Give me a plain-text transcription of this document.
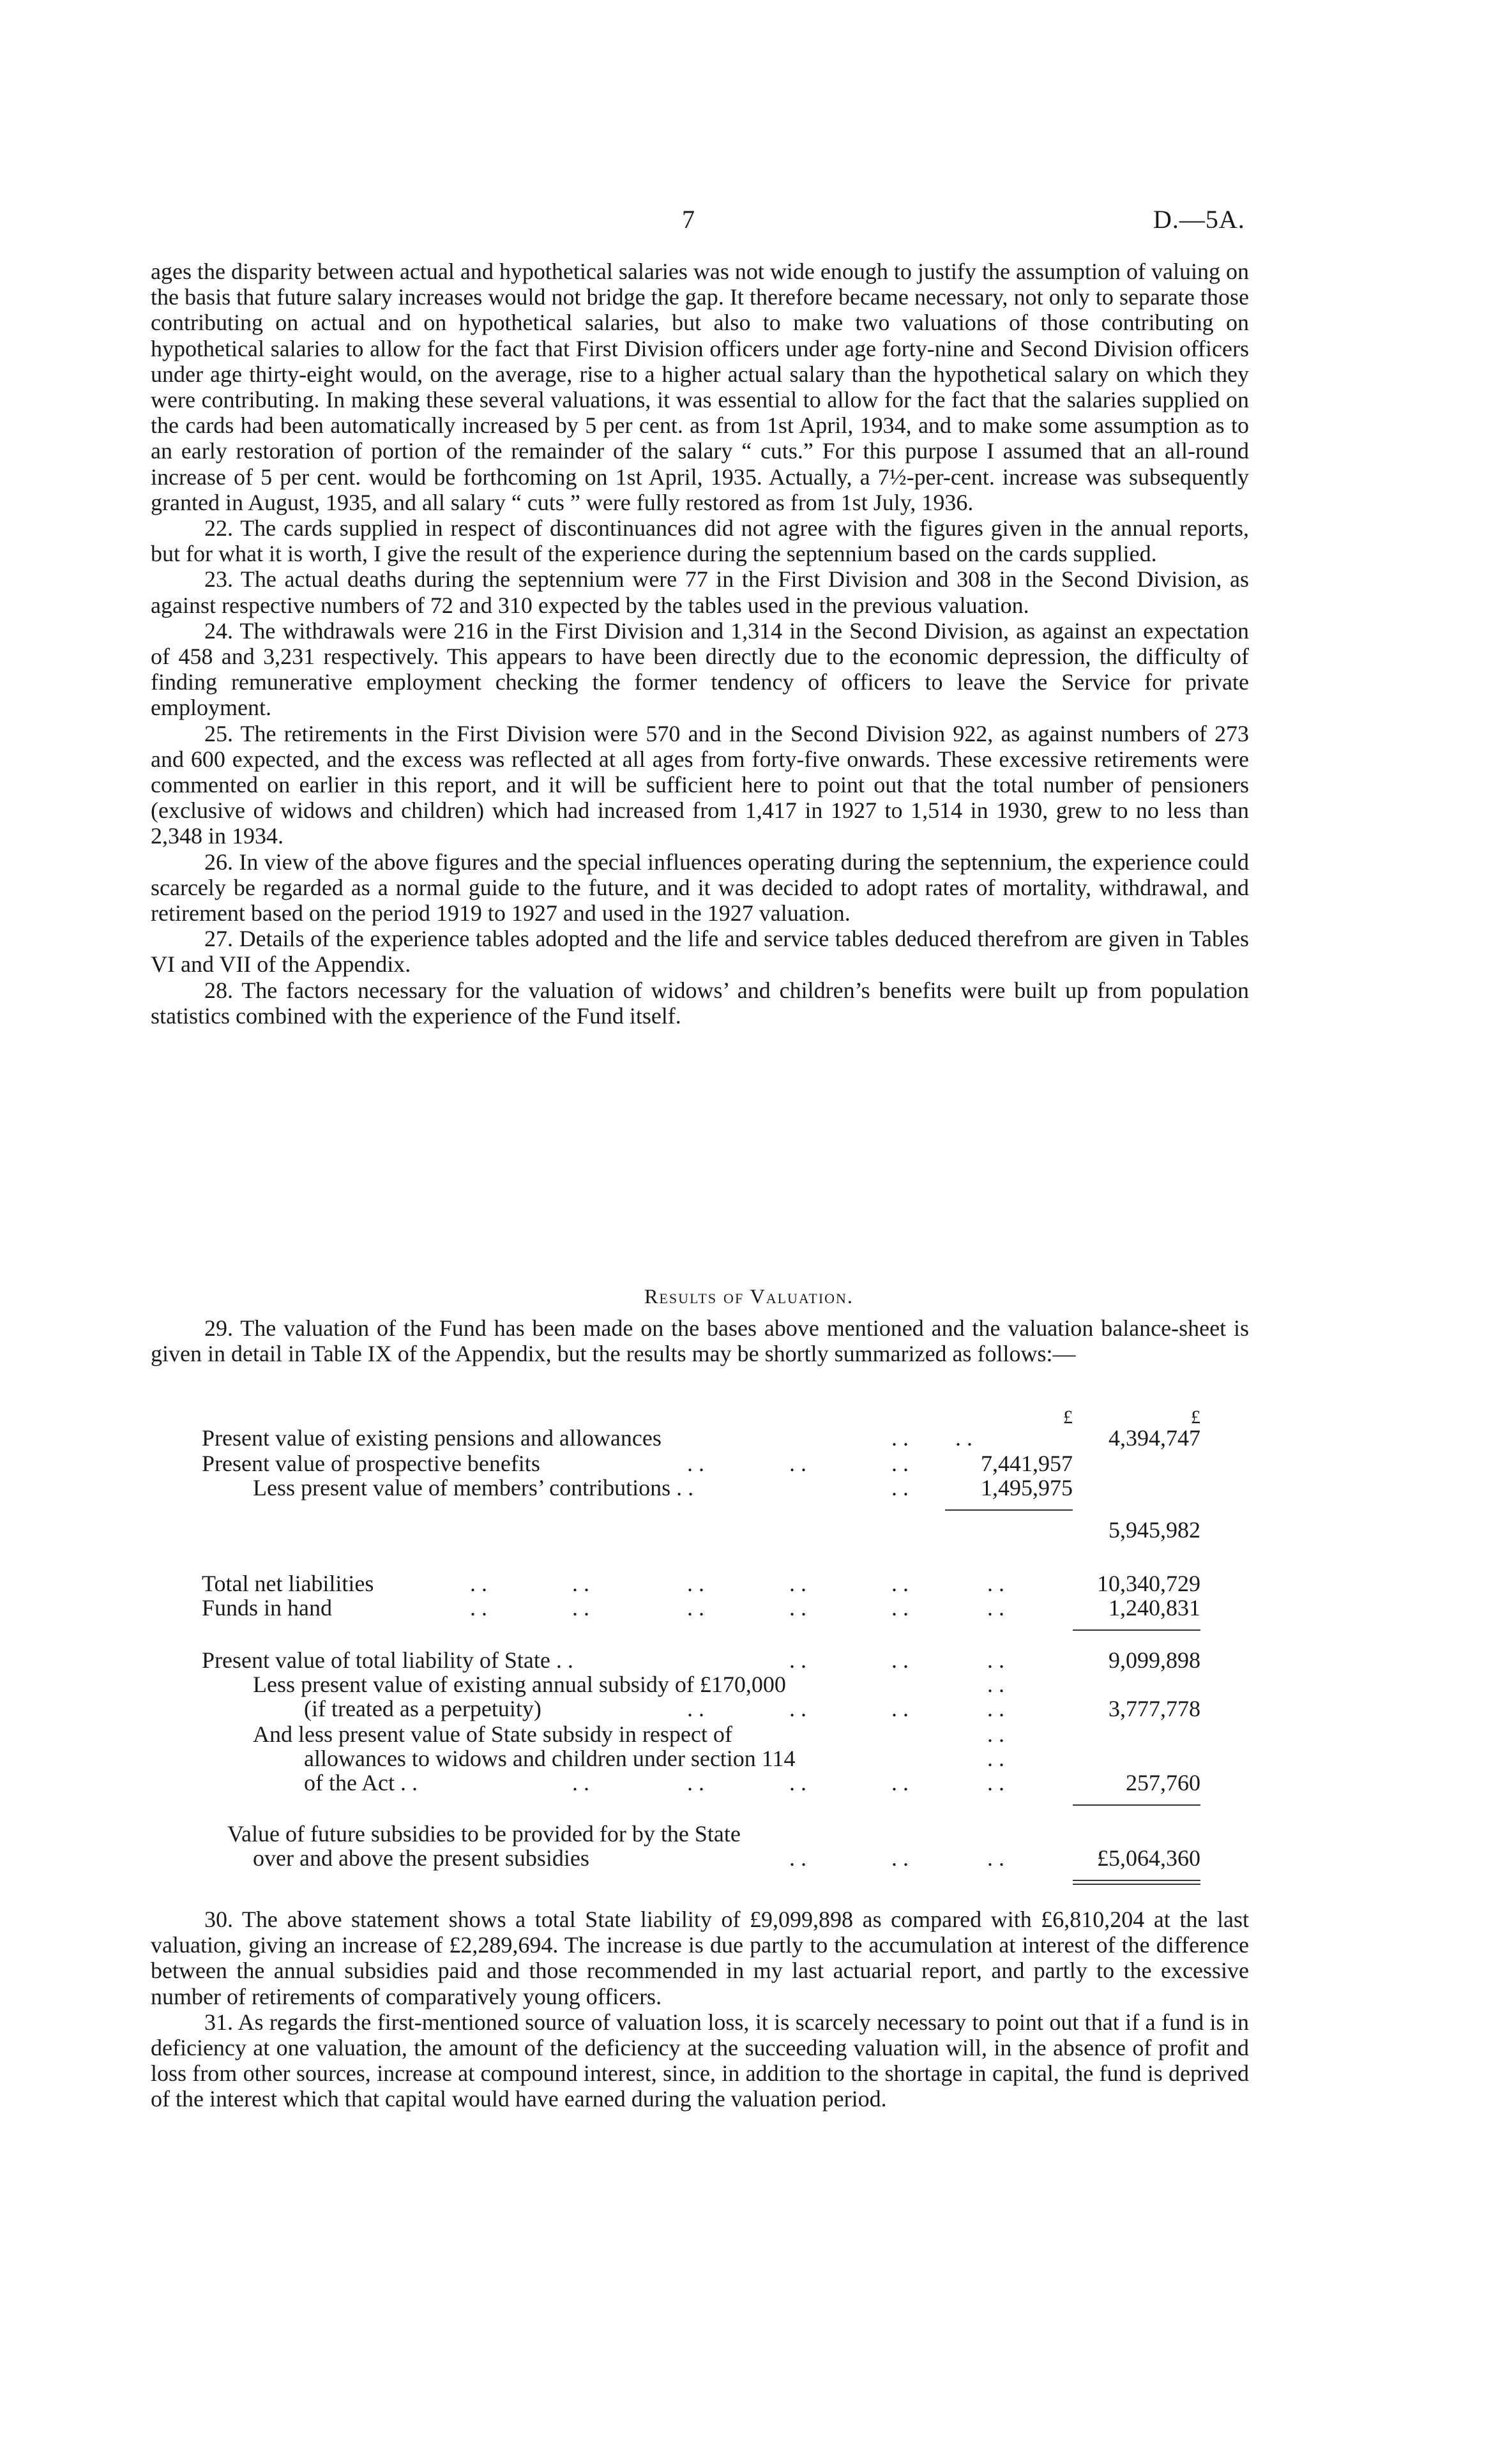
7	D.—5A.

ages the disparity between actual and hypothetical salaries was not wide enough to justify the assumption of valuing on the basis that future salary increases would not bridge the gap. It therefore became necessary, not only to separate those contributing on actual and on hypothetical salaries, but also to make two valuations of those contributing on hypothetical salaries to allow for the fact that First Division officers under age forty-nine and Second Division officers under age thirty-eight would, on the average, rise to a higher actual salary than the hypothetical salary on which they were contributing. In making these several valuations, it was essential to allow for the fact that the salaries supplied on the cards had been automatically increased by 5 per cent. as from 1st April, 1934, and to make some assumption as to an early restoration of portion of the remainder of the salary “ cuts.” For this purpose I assumed that an all-round increase of 5 per cent. would be forthcoming on 1st April, 1935. Actually, a 7½-per-cent. increase was subsequently granted in August, 1935, and all salary “ cuts ” were fully restored as from 1st July, 1936.

22. The cards supplied in respect of discontinuances did not agree with the figures given in the annual reports, but for what it is worth, I give the result of the experience during the septennium based on the cards supplied.

23. The actual deaths during the septennium were 77 in the First Division and 308 in the Second Division, as against respective numbers of 72 and 310 expected by the tables used in the previous valuation.

24. The withdrawals were 216 in the First Division and 1,314 in the Second Division, as against an expectation of 458 and 3,231 respectively. This appears to have been directly due to the economic depression, the difficulty of finding remunerative employment checking the former tendency of officers to leave the Service for private employment.

25. The retirements in the First Division were 570 and in the Second Division 922, as against numbers of 273 and 600 expected, and the excess was reflected at all ages from forty-five onwards. These excessive retirements were commented on earlier in this report, and it will be sufficient here to point out that the total number of pensioners (exclusive of widows and children) which had increased from 1,417 in 1927 to 1,514 in 1930, grew to no less than 2,348 in 1934.

26. In view of the above figures and the special influences operating during the septennium, the experience could scarcely be regarded as a normal guide to the future, and it was decided to adopt rates of mortality, withdrawal, and retirement based on the period 1919 to 1927 and used in the 1927 valuation.

27. Details of the experience tables adopted and the life and service tables deduced therefrom are given in Tables VI and VII of the Appendix.

28. The factors necessary for the valuation of widows’ and children’s benefits were built up from population statistics combined with the experience of the Fund itself.

Results of Valuation.

29. The valuation of the Fund has been made on the bases above mentioned and the valuation balance-sheet is given in detail in Table IX of the Appendix, but the results may be shortly summarized as follows:—

£	£
Present value of existing pensions and allowances	. . . .	4,394,747
Present value of prospective benefits	. .	. .	. .	7,441,957
Less present value of members’ contributions . .	. .	1,495,975
5,945,982
Total net liabilities	. .	. .	. .	. .	. .	. .	10,340,729
Funds in hand	. .	. .	. .	. .	. .	. .	1,240,831
Present value of total liability of State . .	. .	. .	. .	9,099,898
Less present value of existing annual subsidy of £170,000	. .
(if treated as a perpetuity)	. .	. .	. .	. .	3,777,778
And less present value of State subsidy in respect of	. .
allowances to widows and children under section 114	. .
of the Act . .	. .	. .	. .	. .	. .	257,760
Value of future subsidies to be provided for by the State
over and above the present subsidies	. .	. .	. .	£5,064,360

30. The above statement shows a total State liability of £9,099,898 as compared with £6,810,204 at the last valuation, giving an increase of £2,289,694. The increase is due partly to the accumulation at interest of the difference between the annual subsidies paid and those recommended in my last actuarial report, and partly to the excessive number of retirements of comparatively young officers.

31. As regards the first-mentioned source of valuation loss, it is scarcely necessary to point out that if a fund is in deficiency at one valuation, the amount of the deficiency at the succeeding valuation will, in the absence of profit and loss from other sources, increase at compound interest, since, in addition to the shortage in capital, the fund is deprived of the interest which that capital would have earned during the valuation period.
